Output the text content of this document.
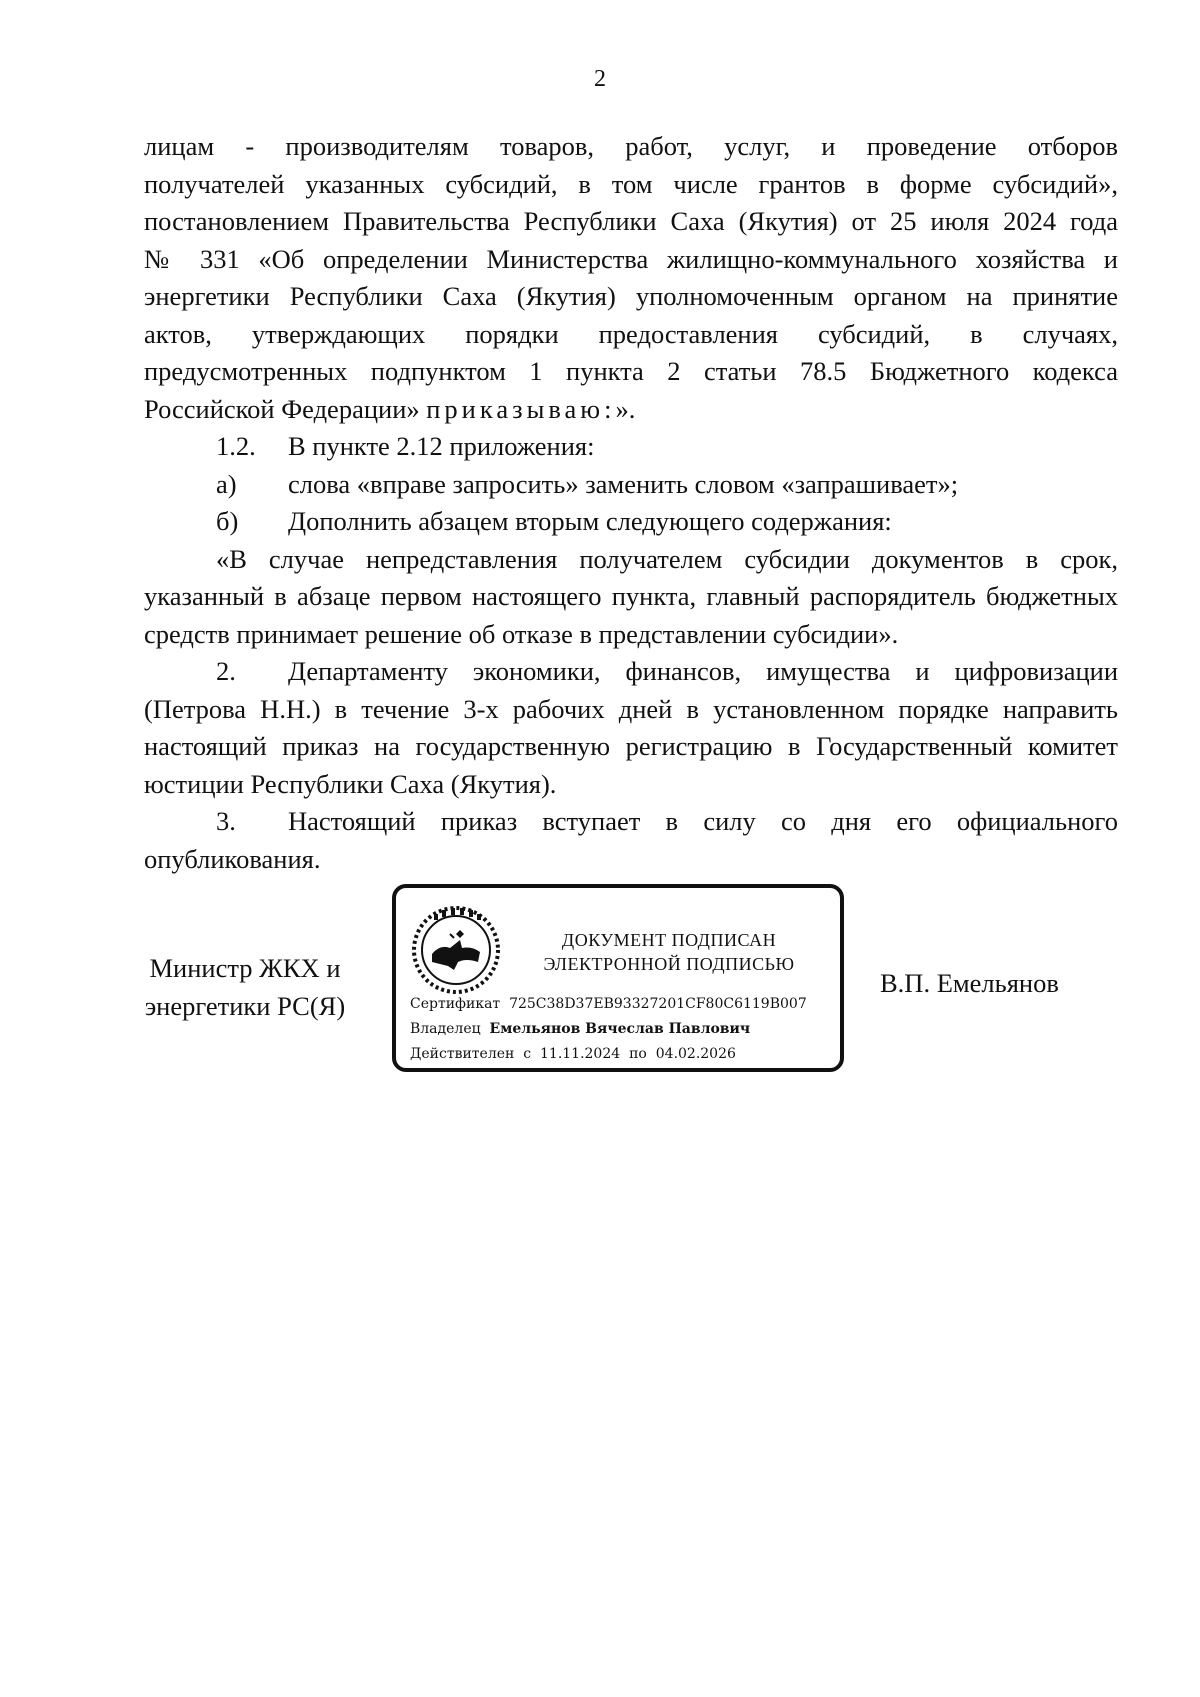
2
лицам - производителям товаров, работ, услуг, и проведение отборов
получателей указанных субсидий, в том числе грантов в форме субсидий»,
постановлением Правительства Республики Саха (Якутия) от 25 июля 2024 года
№ 331 «Об определении Министерства жилищно-коммунального хозяйства и
энергетики Республики Саха (Якутия) уполномоченным органом на принятие
актов, утверждающих порядки предоставления субсидий, в случаях,
предусмотренных подпунктом 1 пункта 2 статьи 78.5 Бюджетного кодекса
Российской Федерации» приказываю:».
1.2.	В пункте 2.12 приложения:
а)	слова «вправе запросить» заменить словом «запрашивает»;
б)	Дополнить абзацем вторым следующего содержания:
«В случае непредставления получателем субсидии документов в срок, указанный в абзаце первом настоящего пункта, главный распорядитель бюджетных средств принимает решение об отказе в представлении субсидии».
2. Департаменту экономики, финансов, имущества и цифровизации (Петрова Н.Н.) в течение 3-х рабочих дней в установленном порядке направить настоящий приказ на государственную регистрацию в Государственный комитет юстиции Республики Саха (Якутия).
3. Настоящий приказ вступает в силу со дня его официального опубликования.
Министр ЖКХ и
энергетики РС(Я)
ДОКУМЕНТ ПОДПИСАН
ЭЛЕКТРОННОЙ ПОДПИСЬЮ
Сертификат 725C38D37EB93327201CF80C6119B007
Владелец Емельянов Вячеслав Павлович
Действителен с 11.11.2024 по 04.02.2026
В.П. Емельянов
